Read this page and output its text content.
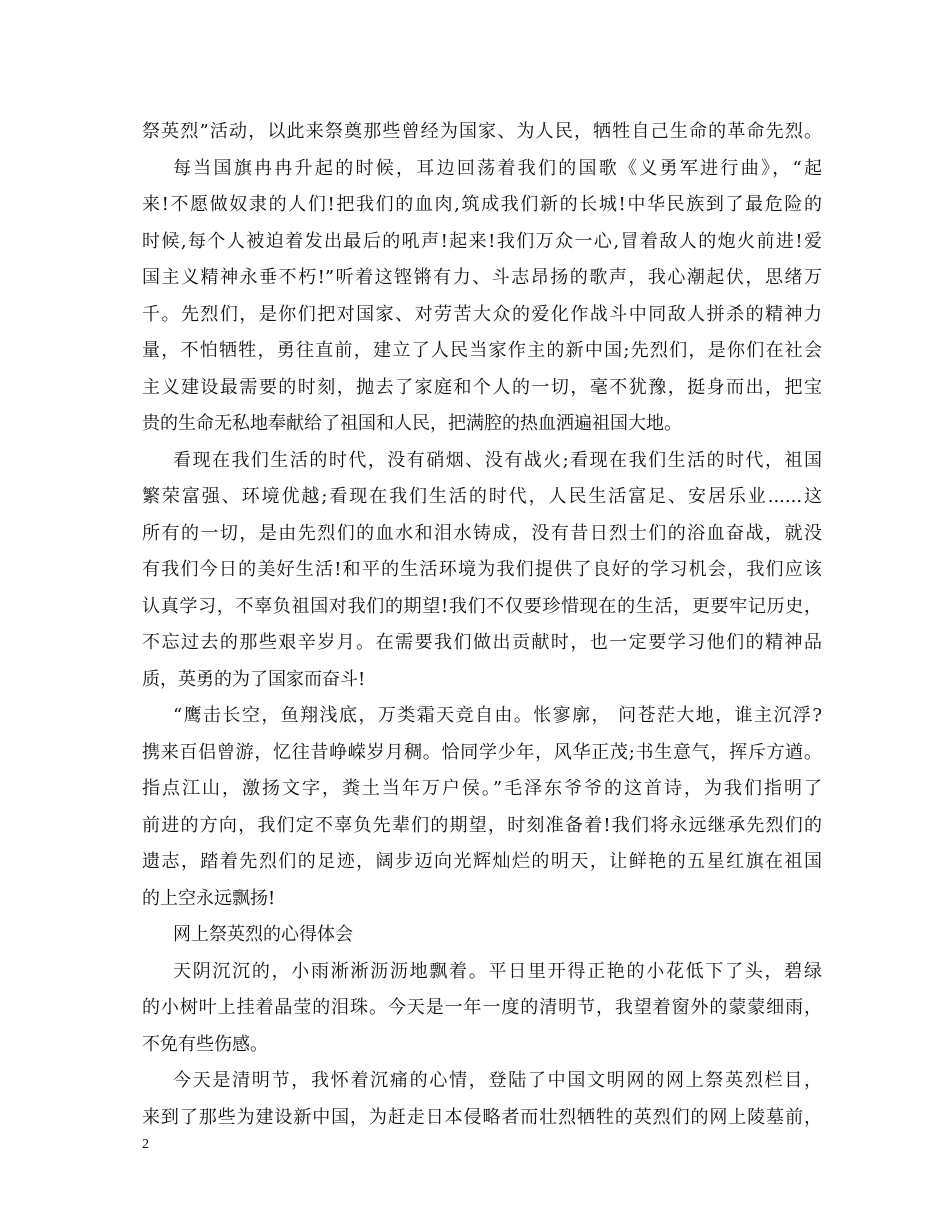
祭英烈”活动，以此来祭奠那些曾经为国家、为人民，牺牲自己生命的革命先烈。
每当国旗冉冉升起的时候，耳边回荡着我们的国歌《义勇军进行曲》，“起
来!不愿做奴隶的人们!把我们的血肉,筑成我们新的长城!中华民族到了最危险的
时候,每个人被迫着发出最后的吼声!起来!我们万众一心,冒着敌人的炮火前进!爱
国主义精神永垂不朽!”听着这铿锵有力、斗志昂扬的歌声，我心潮起伏，思绪万
千。先烈们，是你们把对国家、对劳苦大众的爱化作战斗中同敌人拼杀的精神力
量，不怕牺牲，勇往直前，建立了人民当家作主的新中国;先烈们，是你们在社会
主义建设最需要的时刻，抛去了家庭和个人的一切，毫不犹豫，挺身而出，把宝
贵的生命无私地奉献给了祖国和人民，把满腔的热血洒遍祖国大地。
看现在我们生活的时代，没有硝烟、没有战火;看现在我们生活的时代，祖国
繁荣富强、环境优越;看现在我们生活的时代，人民生活富足、安居乐业......这
所有的一切，是由先烈们的血水和泪水铸成，没有昔日烈士们的浴血奋战，就没
有我们今日的美好生活!和平的生活环境为我们提供了良好的学习机会，我们应该
认真学习，不辜负祖国对我们的期望!我们不仅要珍惜现在的生活，更要牢记历史，
不忘过去的那些艰辛岁月。在需要我们做出贡献时，也一定要学习他们的精神品
质，英勇的为了国家而奋斗!
“鹰击长空，鱼翔浅底，万类霜天竞自由。怅寥廓， 问苍茫大地，谁主沉浮?
携来百侣曾游，忆往昔峥嵘岁月稠。恰同学少年，风华正茂;书生意气，挥斥方遒。
指点江山，激扬文字，粪土当年万户侯。”毛泽东爷爷的这首诗，为我们指明了
前进的方向，我们定不辜负先辈们的期望，时刻准备着!我们将永远继承先烈们的
遗志，踏着先烈们的足迹，阔步迈向光辉灿烂的明天，让鲜艳的五星红旗在祖国
的上空永远飘扬!
网上祭英烈的心得体会
天阴沉沉的，小雨淅淅沥沥地飘着。平日里开得正艳的小花低下了头，碧绿
的小树叶上挂着晶莹的泪珠。今天是一年一度的清明节，我望着窗外的蒙蒙细雨，
不免有些伤感。
今天是清明节，我怀着沉痛的心情，登陆了中国文明网的网上祭英烈栏目，
来到了那些为建设新中国，为赶走日本侵略者而壮烈牺牲的英烈们的网上陵墓前，
2
